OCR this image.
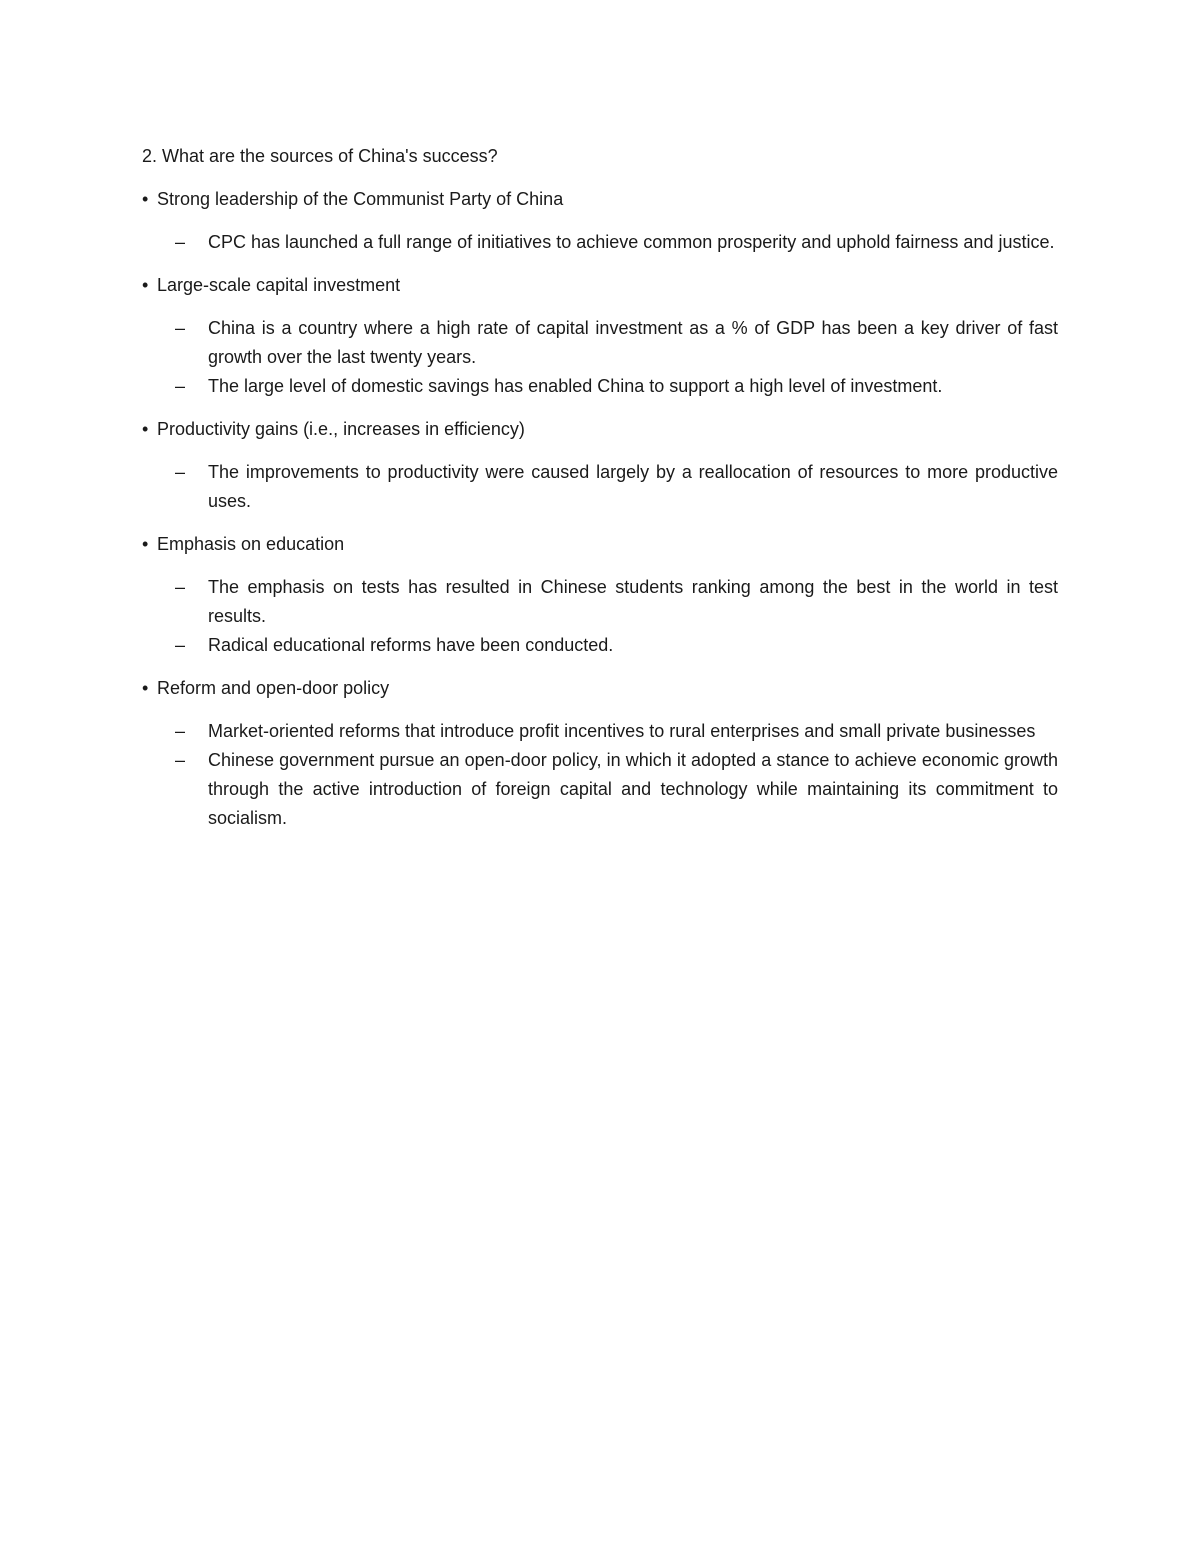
2. What are the sources of China's success?

• Strong leadership of the Communist Party of China
–	CPC has launched a full range of initiatives to achieve common prosperity and uphold fairness and justice.
• Large-scale capital investment
–	China is a country where a high rate of capital investment as a % of GDP has been a key driver of fast growth over the last twenty years.
–	The large level of domestic savings has enabled China to support a high level of investment.
• Productivity gains (i.e., increases in efficiency)
–	The improvements to productivity were caused largely by a reallocation of resources to more productive uses.
• Emphasis on education
–	The emphasis on tests has resulted in Chinese students ranking among the best in the world in test results.
–	Radical educational reforms have been conducted.
• Reform and open-door policy
–	Market-oriented reforms that introduce profit incentives to rural enterprises and small private businesses
–	Chinese government pursue an open-door policy, in which it adopted a stance to achieve economic growth through the active introduction of foreign capital and technology while maintaining its commitment to socialism.
